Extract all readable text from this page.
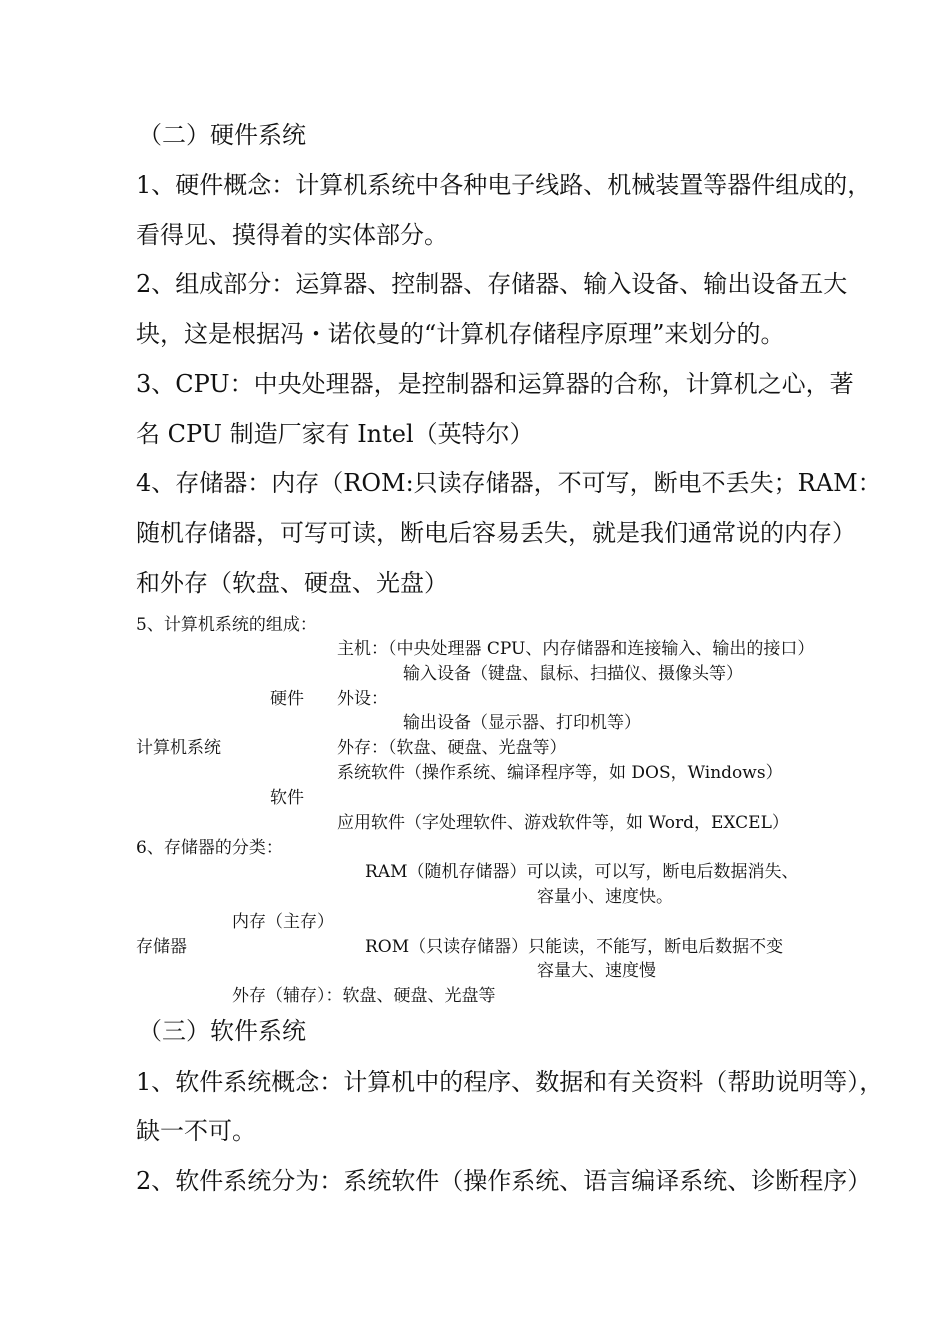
（二）硬件系统
1、硬件概念：计算机系统中各种电子线路、机械装置等器件组成的，
看得见、摸得着的实体部分。
2、组成部分：运算器、控制器、存储器、输入设备、输出设备五大
块，这是根据冯・诺依曼的“计算机存储程序原理”来划分的。
3、CPU：中央处理器，是控制器和运算器的合称，计算机之心，著
名 CPU 制造厂家有 Intel（英特尔）
4、存储器：内存（ROM:只读存储器，不可写，断电不丢失；RAM：
随机存储器，可写可读，断电后容易丢失，就是我们通常说的内存）
和外存（软盘、硬盘、光盘）
5、计算机系统的组成：
主机：（中央处理器 CPU、内存储器和连接输入、输出的接口）
输入设备（键盘、鼠标、扫描仪、摄像头等）
硬件 外设：
输出设备（显示器、打印机等）
计算机系统	外存：（软盘、硬盘、光盘等）
系统软件（操作系统、编译程序等，如 DOS，Windows）
软件
应用软件（字处理软件、游戏软件等，如 Word，EXCEL）
6、存储器的分类：
RAM（随机存储器）可以读，可以写，断电后数据消失、
容量小、速度快。
内存（主存）
存储器	ROM（只读存储器）只能读，不能写，断电后数据不变
容量大、速度慢
外存（辅存）：软盘、硬盘、光盘等
（三）软件系统
1、软件系统概念：计算机中的程序、数据和有关资料（帮助说明等），
缺一不可。
2、软件系统分为：系统软件（操作系统、语言编译系统、诊断程序）
